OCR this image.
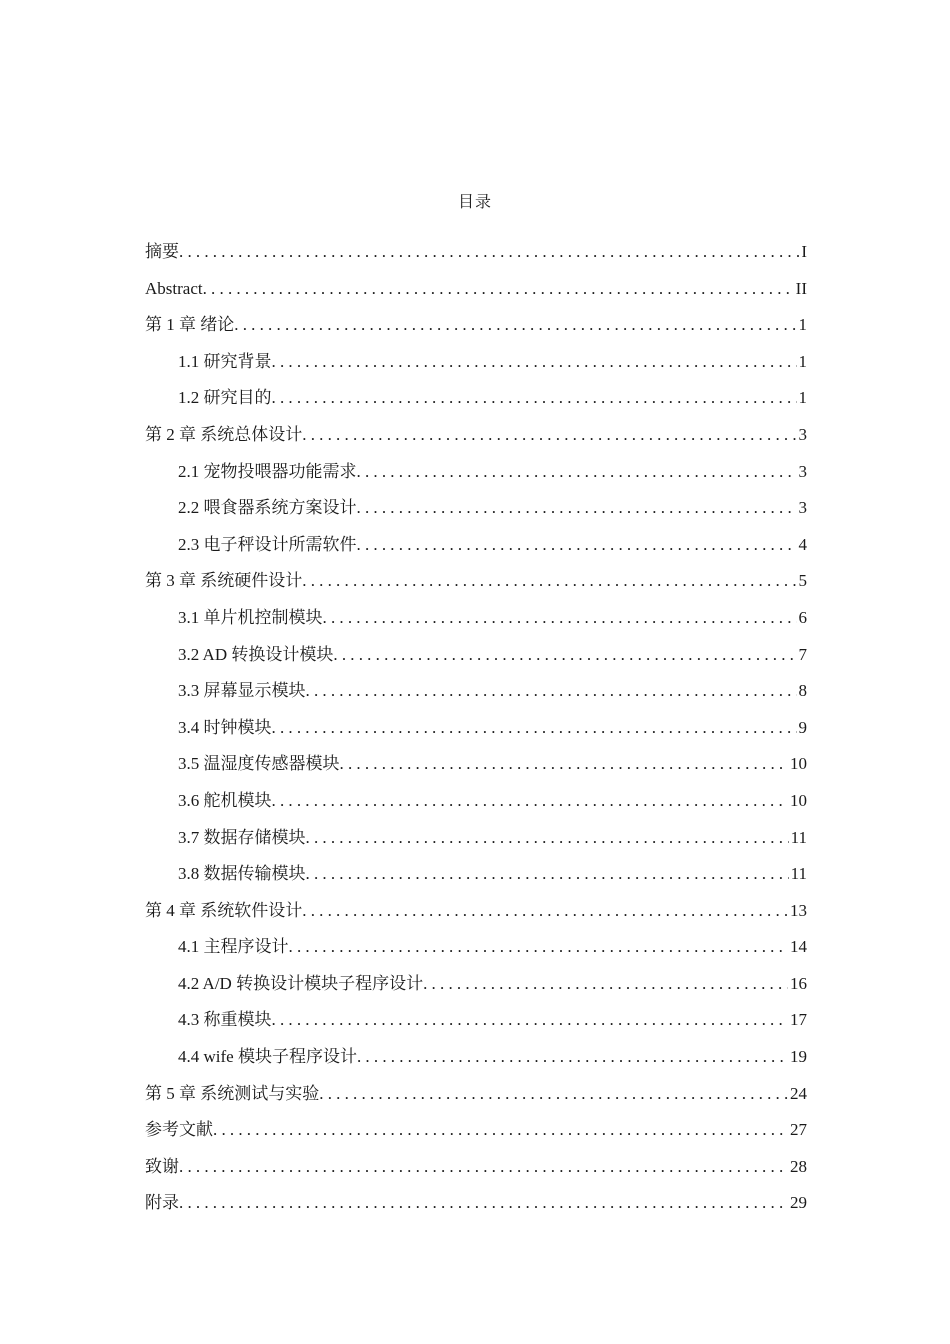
目录
摘要 .....	I
Abstract .....	II
第 1 章 绪论 .....	1
1.1 研究背景 .....	1
1.2 研究目的 .....	1
第 2 章 系统总体设计 .....	3
2.1 宠物投喂器功能需求 .....	3
2.2 喂食器系统方案设计 .....	3
2.3 电子秤设计所需软件 .....	4
第 3 章 系统硬件设计 .....	5
3.1 单片机控制模块 .....	6
3.2 AD 转换设计模块 .....	7
3.3 屏幕显示模块 .....	8
3.4 时钟模块 .....	9
3.5 温湿度传感器模块 .....	10
3.6 舵机模块 .....	10
3.7 数据存储模块 .....	11
3.8 数据传输模块 .....	11
第 4 章 系统软件设计 .....	13
4.1 主程序设计 .....	14
4.2 A/D 转换设计模块子程序设计 .....	16
4.3 称重模块 .....	17
4.4 wife 模块子程序设计 .....	19
第 5 章 系统测试与实验 .....	24
参考文献 .....	27
致谢 .....	28
附录 .....	29
